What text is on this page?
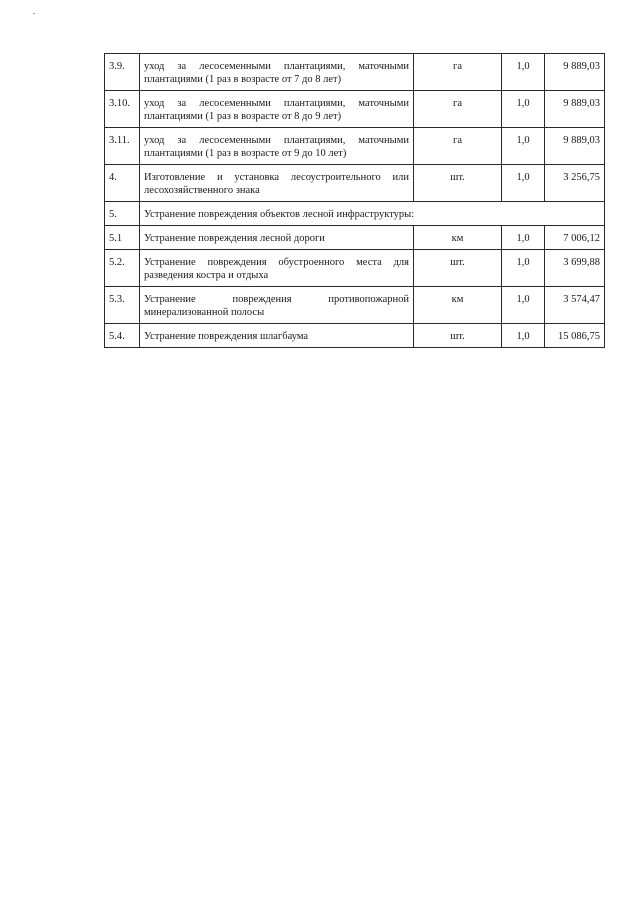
3.9.	уход за лесосеменными плантациями, маточными плантациями (1 раз в возрасте от 7 до 8 лет)	га	1,0	9 889,03
3.10.	уход за лесосеменными плантациями, маточными плантациями (1 раз в возрасте от 8 до 9 лет)	га	1,0	9 889,03
3.11.	уход за лесосеменными плантациями, маточными плантациями (1 раз в возрасте от 9 до 10 лет)	га	1,0	9 889,03
4.	Изготовление и установка лесоустроительного или лесохозяйственного знака	шт.	1,0	3 256,75
5.	Устранение повреждения объектов лесной инфраструктуры:			
5.1	Устранение повреждения лесной дороги	км	1,0	7 006,12
5.2.	Устранение повреждения обустроенного места для разведения костра и отдыха	шт.	1,0	3 699,88
5.3.	Устранение повреждения противопожарной минерализованной полосы	км	1,0	3 574,47
5.4.	Устранение повреждения шлагбаума	шт.	1,0	15 086,75
